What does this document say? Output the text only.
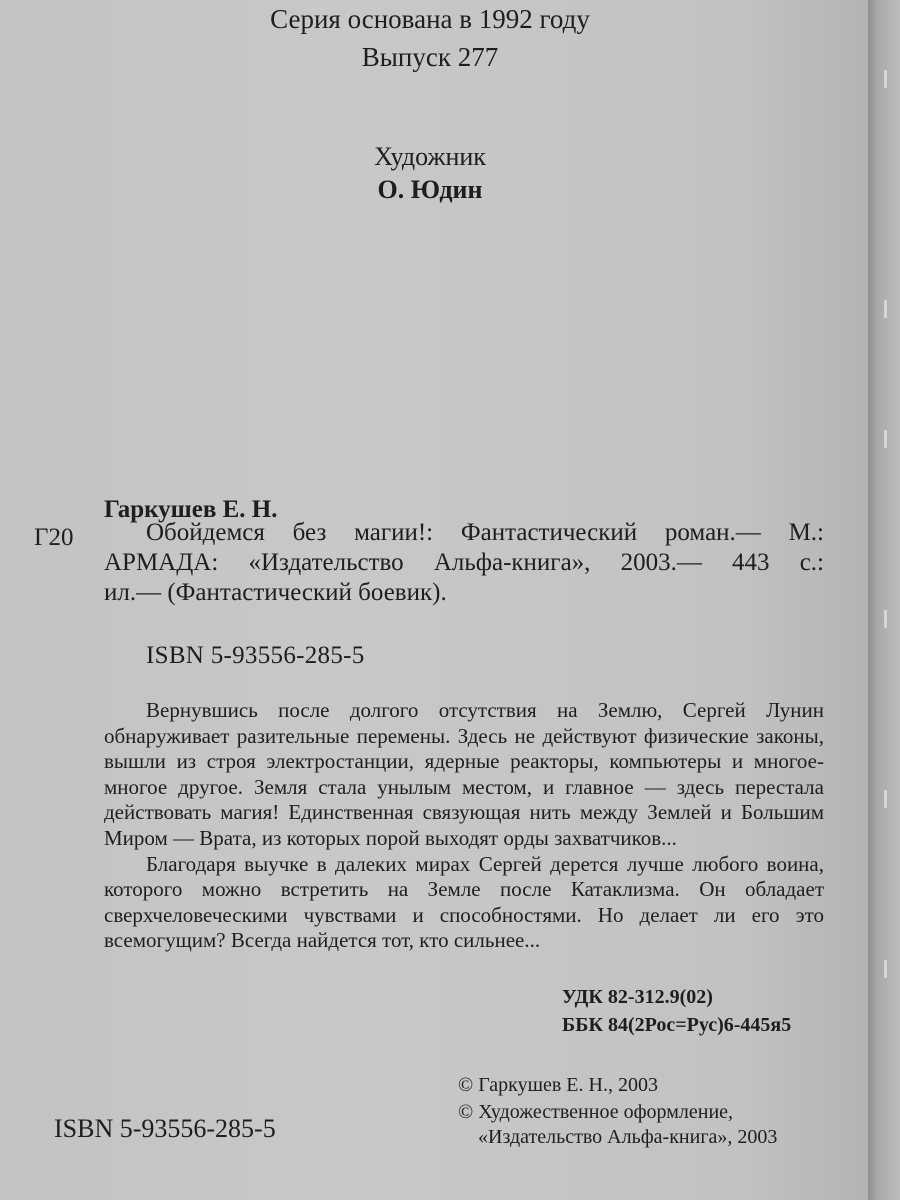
Серия основана в 1992 году
Выпуск 277
Художник
О. Юдин
Гаркушев Е. Н.
Г20	Обойдемся без магии!: Фантастический роман.— М.:
АРМАДА: «Издательство Альфа-книга», 2003.— 443 с.:
ил.— (Фантастический боевик).
ISBN 5-93556-285-5

Вернувшись после долгого отсутствия на Землю, Сергей Лунин обнаруживает разительные перемены. Здесь не действуют физические законы, вышли из строя электростанции, ядерные реакторы, компьютеры и многое-многое другое. Земля стала унылым местом, и главное — здесь перестала действовать магия! Единственная связующая нить между Землей и Большим Миром — Врата, из которых порой выходят орды захватчиков...

Благодаря выучке в далеких мирах Сергей дерется лучше любого воина, которого можно встретить на Земле после Катаклизма. Он обладает сверхчеловеческими чувствами и способностями. Но делает ли его это всемогущим? Всегда найдется тот, кто сильнее...

УДК 82-312.9(02)
ББК 84(2Рос=Рус)6-445я5
© Гаркушев Е. Н., 2003
© Художественное оформление,
«Издательство Альфа-книга», 2003
ISBN 5-93556-285-5
